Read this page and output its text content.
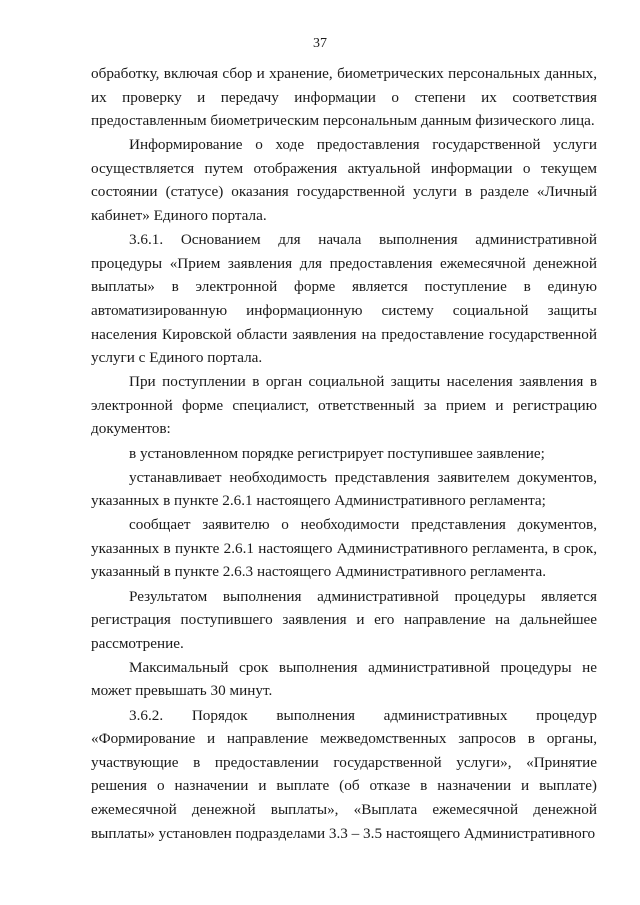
37

обработку, включая сбор и хранение, биометрических персональных данных, их проверку и передачу информации о степени их соответствия предоставленным биометрическим персональным данным физического лица.

Информирование о ходе предоставления государственной услуги осуществляется путем отображения актуальной информации о текущем состоянии (статусе) оказания государственной услуги в разделе «Личный кабинет» Единого портала.

3.6.1. Основанием для начала выполнения административной процедуры «Прием заявления для предоставления ежемесячной денежной выплаты» в электронной форме является поступление в единую автоматизированную информационную систему социальной защиты населения Кировской области заявления на предоставление государственной услуги с Единого портала.

При поступлении в орган социальной защиты населения заявления в электронной форме специалист, ответственный за прием и регистрацию документов:

в установленном порядке регистрирует поступившее заявление;

устанавливает необходимость представления заявителем документов, указанных в пункте 2.6.1 настоящего Административного регламента;

сообщает заявителю о необходимости представления документов, указанных в пункте 2.6.1 настоящего Административного регламента, в срок, указанный в пункте 2.6.3 настоящего Административного регламента.

Результатом выполнения административной процедуры является регистрация поступившего заявления и его направление на дальнейшее рассмотрение.

Максимальный срок выполнения административной процедуры не может превышать 30 минут.

3.6.2. Порядок выполнения административных процедур «Формирование и направление межведомственных запросов в органы, участвующие в предоставлении государственной услуги», «Принятие решения о назначении и выплате (об отказе в назначении и выплате) ежемесячной денежной выплаты», «Выплата ежемесячной денежной выплаты» установлен подразделами 3.3 – 3.5 настоящего Административного
